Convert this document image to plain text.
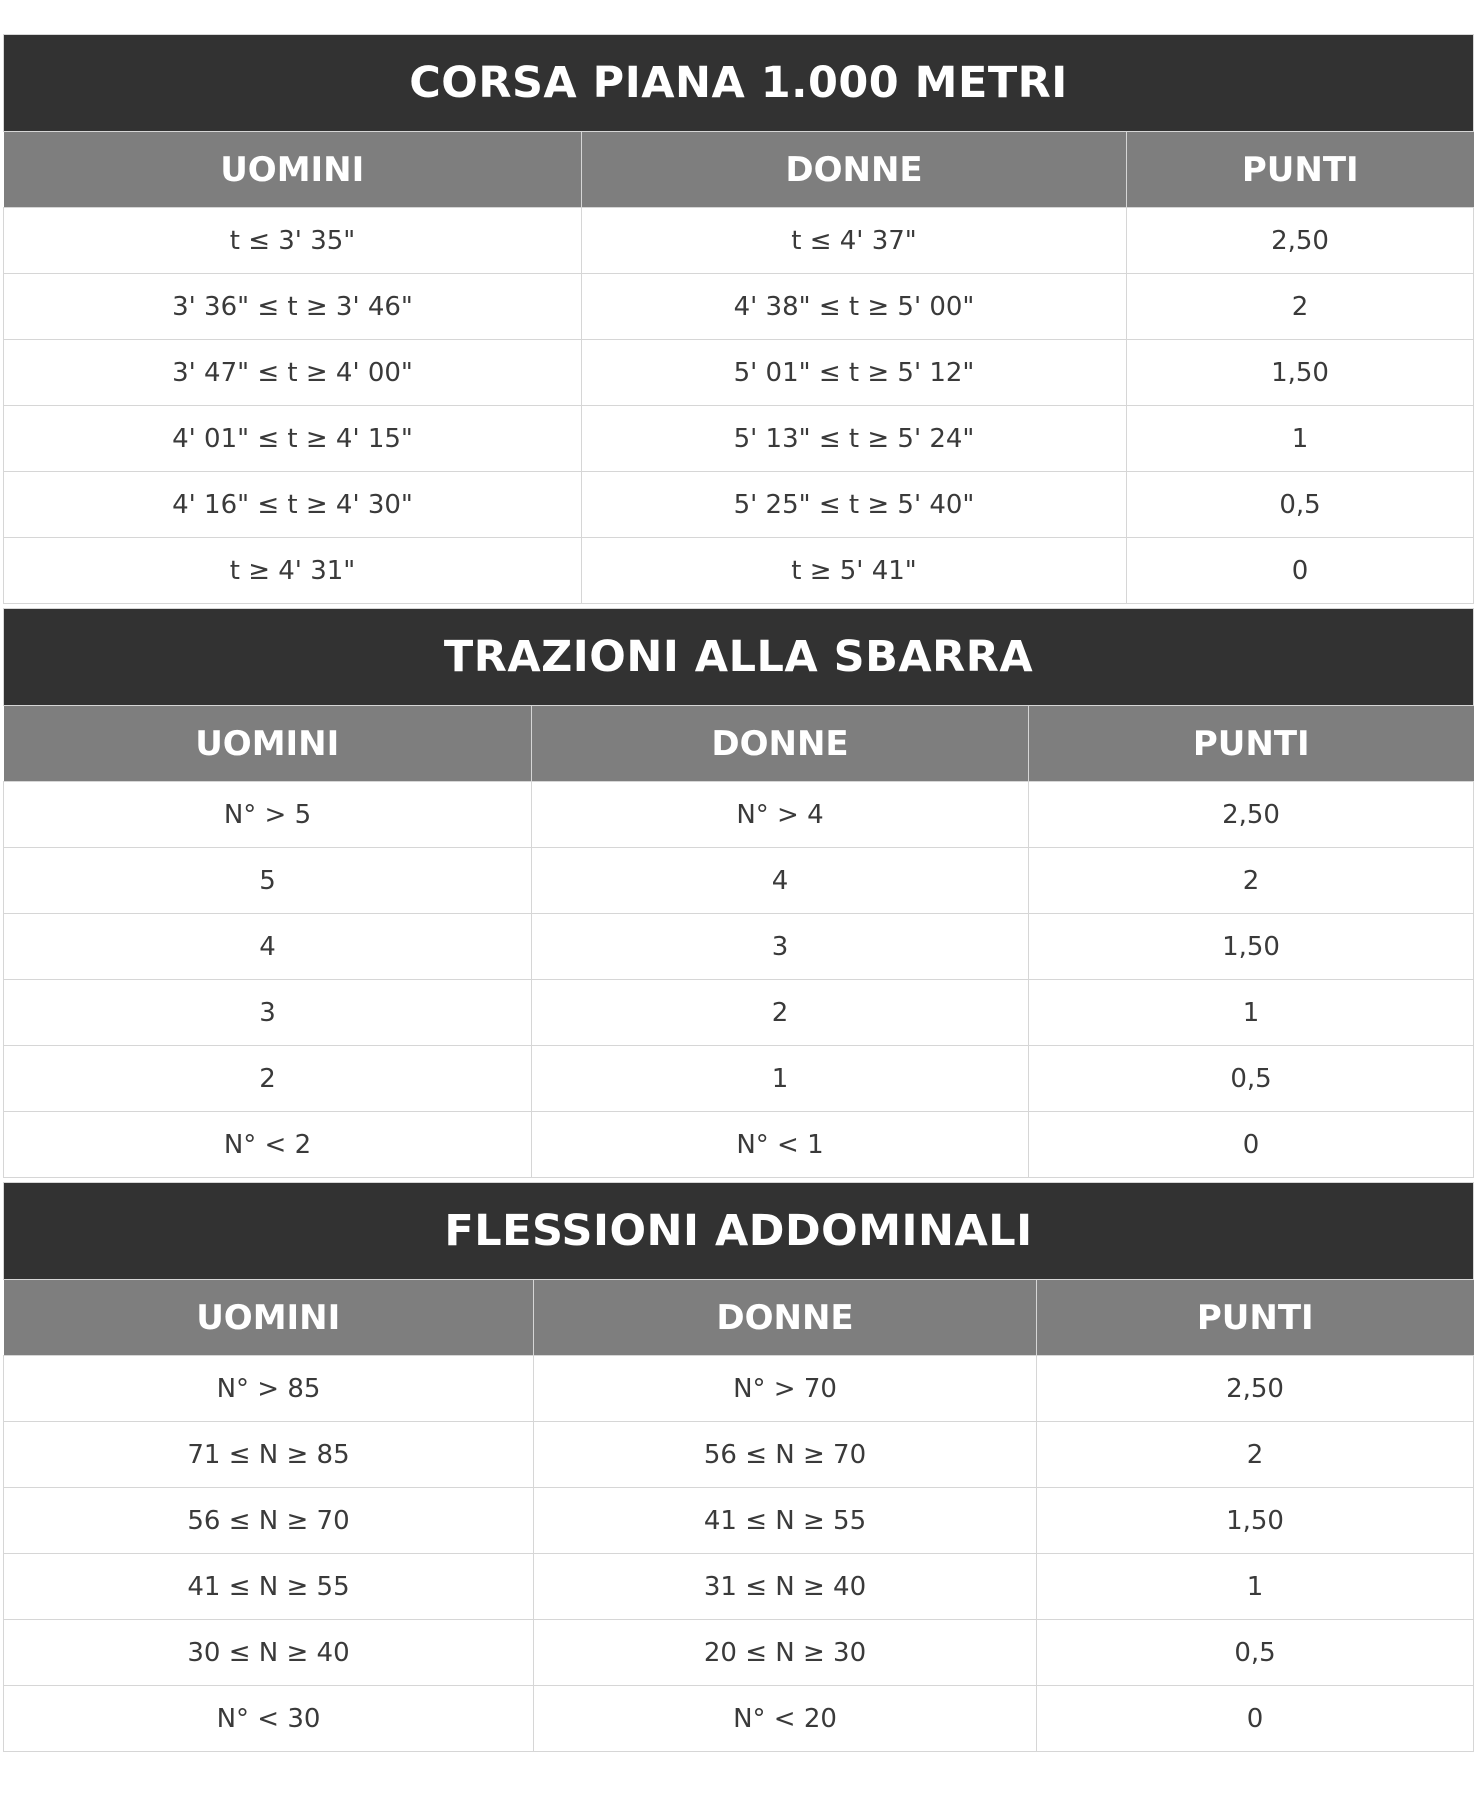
CORSA PIANA 1.000 METRI		
UOMINI	DONNE	PUNTI
t ≤ 3' 35"	t ≤ 4' 37"	2,50
3' 36" ≤ t ≥ 3' 46"	4' 38" ≤ t ≥ 5' 00"	2
3' 47" ≤ t ≥ 4' 00"	5' 01" ≤ t ≥ 5' 12"	1,50
4' 01" ≤ t ≥ 4' 15"	5' 13" ≤ t ≥ 5' 24"	1
4' 16" ≤ t ≥ 4' 30"	5' 25" ≤ t ≥ 5' 40"	0,5
t ≥ 4' 31"	t ≥ 5' 41"	0
TRAZIONI ALLA SBARRA		
UOMINI	DONNE	PUNTI
N° > 5	N° > 4	2,50
5	4	2
4	3	1,50
3	2	1
2	1	0,5
N° < 2	N° < 1	0
FLESSIONI ADDOMINALI		
UOMINI	DONNE	PUNTI
N° > 85	N° > 70	2,50
71 ≤ N ≥ 85	56 ≤ N ≥ 70	2
56 ≤ N ≥ 70	41 ≤ N ≥ 55	1,50
41 ≤ N ≥ 55	31 ≤ N ≥ 40	1
30 ≤ N ≥ 40	20 ≤ N ≥ 30	0,5
N° < 30	N° < 20	0
